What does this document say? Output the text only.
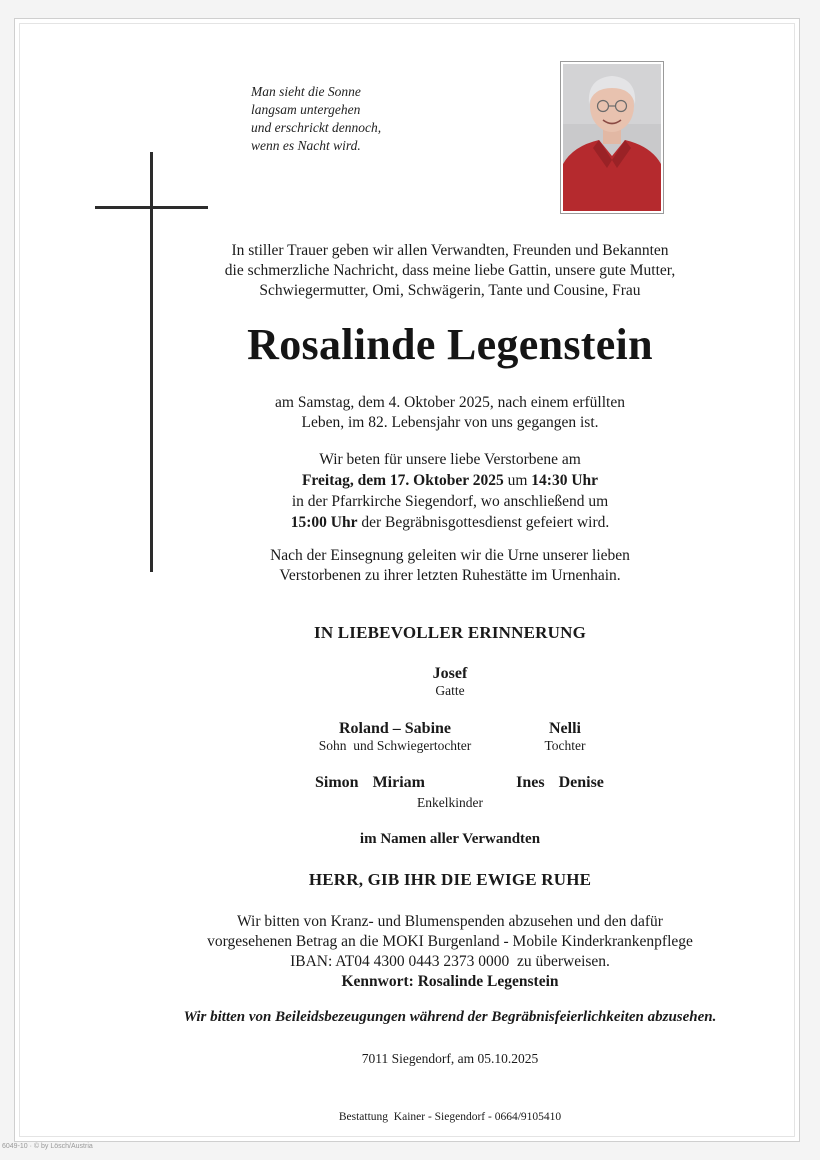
Man sieht die Sonne
langsam untergehen
und erschrickt dennoch,
wenn es Nacht wird.
In stiller Trauer geben wir allen Verwandten, Freunden und Bekannten
die schmerzliche Nachricht, dass meine liebe Gattin, unsere gute Mutter,
Schwiegermutter, Omi, Schwägerin, Tante und Cousine, Frau
Rosalinde Legenstein
am Samstag, dem 4. Oktober 2025, nach einem erfüllten
Leben, im 82. Lebensjahr von uns gegangen ist.
Wir beten für unsere liebe Verstorbene am
Freitag, dem 17. Oktober 2025 um 14:30 Uhr
in der Pfarrkirche Siegendorf, wo anschließend um
15:00 Uhr der Begräbnisgottesdienst gefeiert wird.
Nach der Einsegnung geleiten wir die Urne unserer lieben
Verstorbenen zu ihrer letzten Ruhestätte im Urnenhain.
IN LIEBEVOLLER ERINNERUNG
Josef
Gatte
Roland – Sabine
Sohn  und Schwiegertochter
Nelli
Tochter
Simon Miriam	Ines Denise
Enkelkinder
im Namen aller Verwandten
HERR, GIB IHR DIE EWIGE RUHE
Wir bitten von Kranz- und Blumenspenden abzusehen und den dafür
vorgesehenen Betrag an die MOKI Burgenland - Mobile Kinderkrankenpflege
IBAN: AT04 4300 0443 2373 0000  zu überweisen.
Kennwort: Rosalinde Legenstein
Wir bitten von Beileidsbezeugungen während der Begräbnisfeierlichkeiten abzusehen.
7011 Siegendorf, am 05.10.2025
Bestattung  Kainer - Siegendorf - 0664/9105410
6049-10 · © by Lösch/Austria
